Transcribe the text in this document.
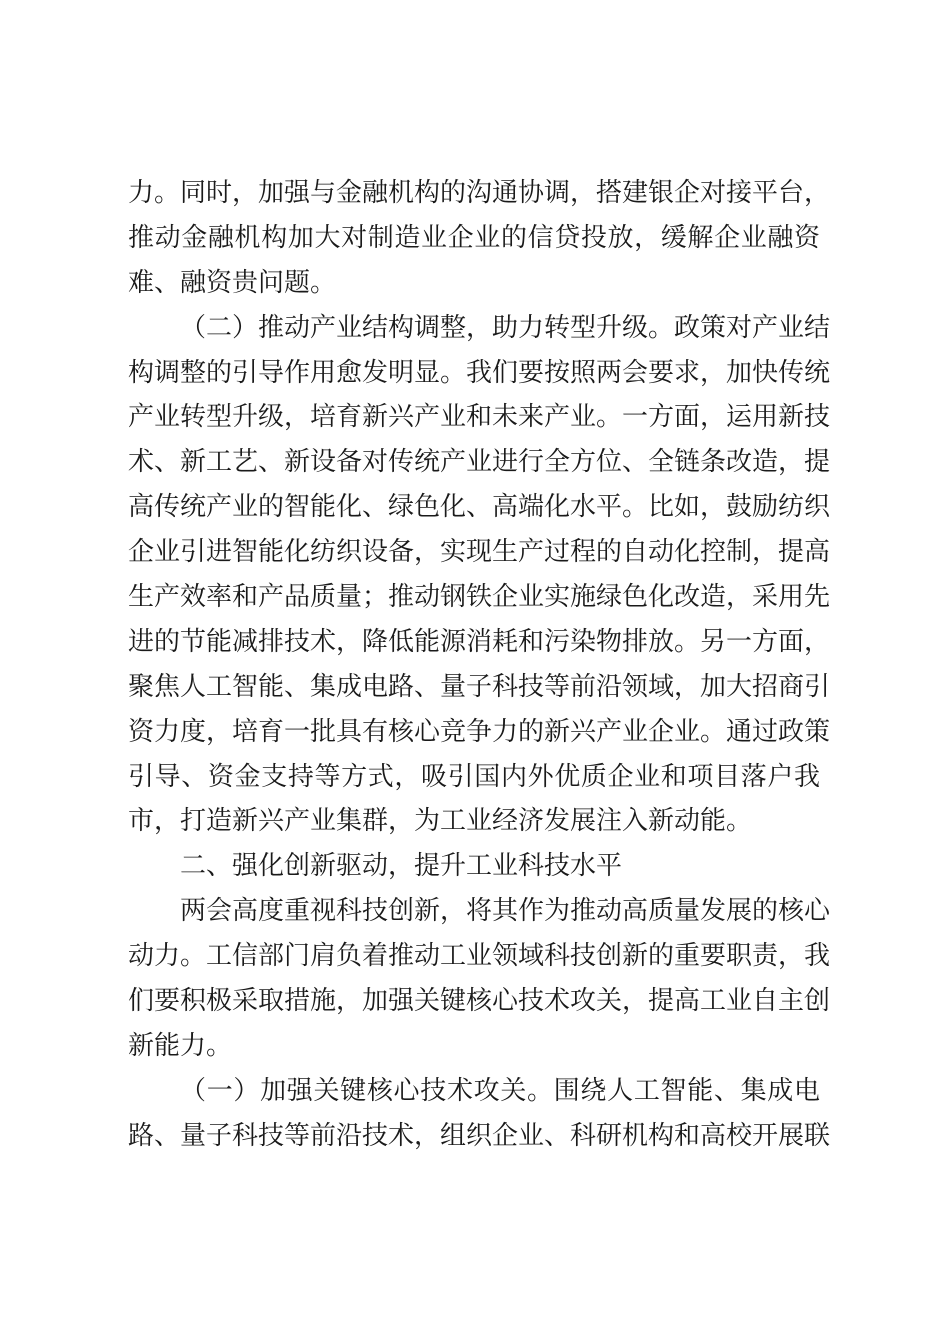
力。同时，加强与金融机构的沟通协调，搭建银企对接平台，
推动金融机构加大对制造业企业的信贷投放，缓解企业融资
难、融资贵问题。
（二）推动产业结构调整，助力转型升级。政策对产业结
构调整的引导作用愈发明显。我们要按照两会要求，加快传统
产业转型升级，培育新兴产业和未来产业。一方面，运用新技
术、新工艺、新设备对传统产业进行全方位、全链条改造，提
高传统产业的智能化、绿色化、高端化水平。比如，鼓励纺织
企业引进智能化纺织设备，实现生产过程的自动化控制，提高
生产效率和产品质量；推动钢铁企业实施绿色化改造，采用先
进的节能减排技术，降低能源消耗和污染物排放。另一方面，
聚焦人工智能、集成电路、量子科技等前沿领域，加大招商引
资力度，培育一批具有核心竞争力的新兴产业企业。通过政策
引导、资金支持等方式，吸引国内外优质企业和项目落户我
市，打造新兴产业集群，为工业经济发展注入新动能。
二、强化创新驱动，提升工业科技水平
两会高度重视科技创新，将其作为推动高质量发展的核心
动力。工信部门肩负着推动工业领域科技创新的重要职责，我
们要积极采取措施，加强关键核心技术攻关，提高工业自主创
新能力。
（一）加强关键核心技术攻关。围绕人工智能、集成电
路、量子科技等前沿技术，组织企业、科研机构和高校开展联
